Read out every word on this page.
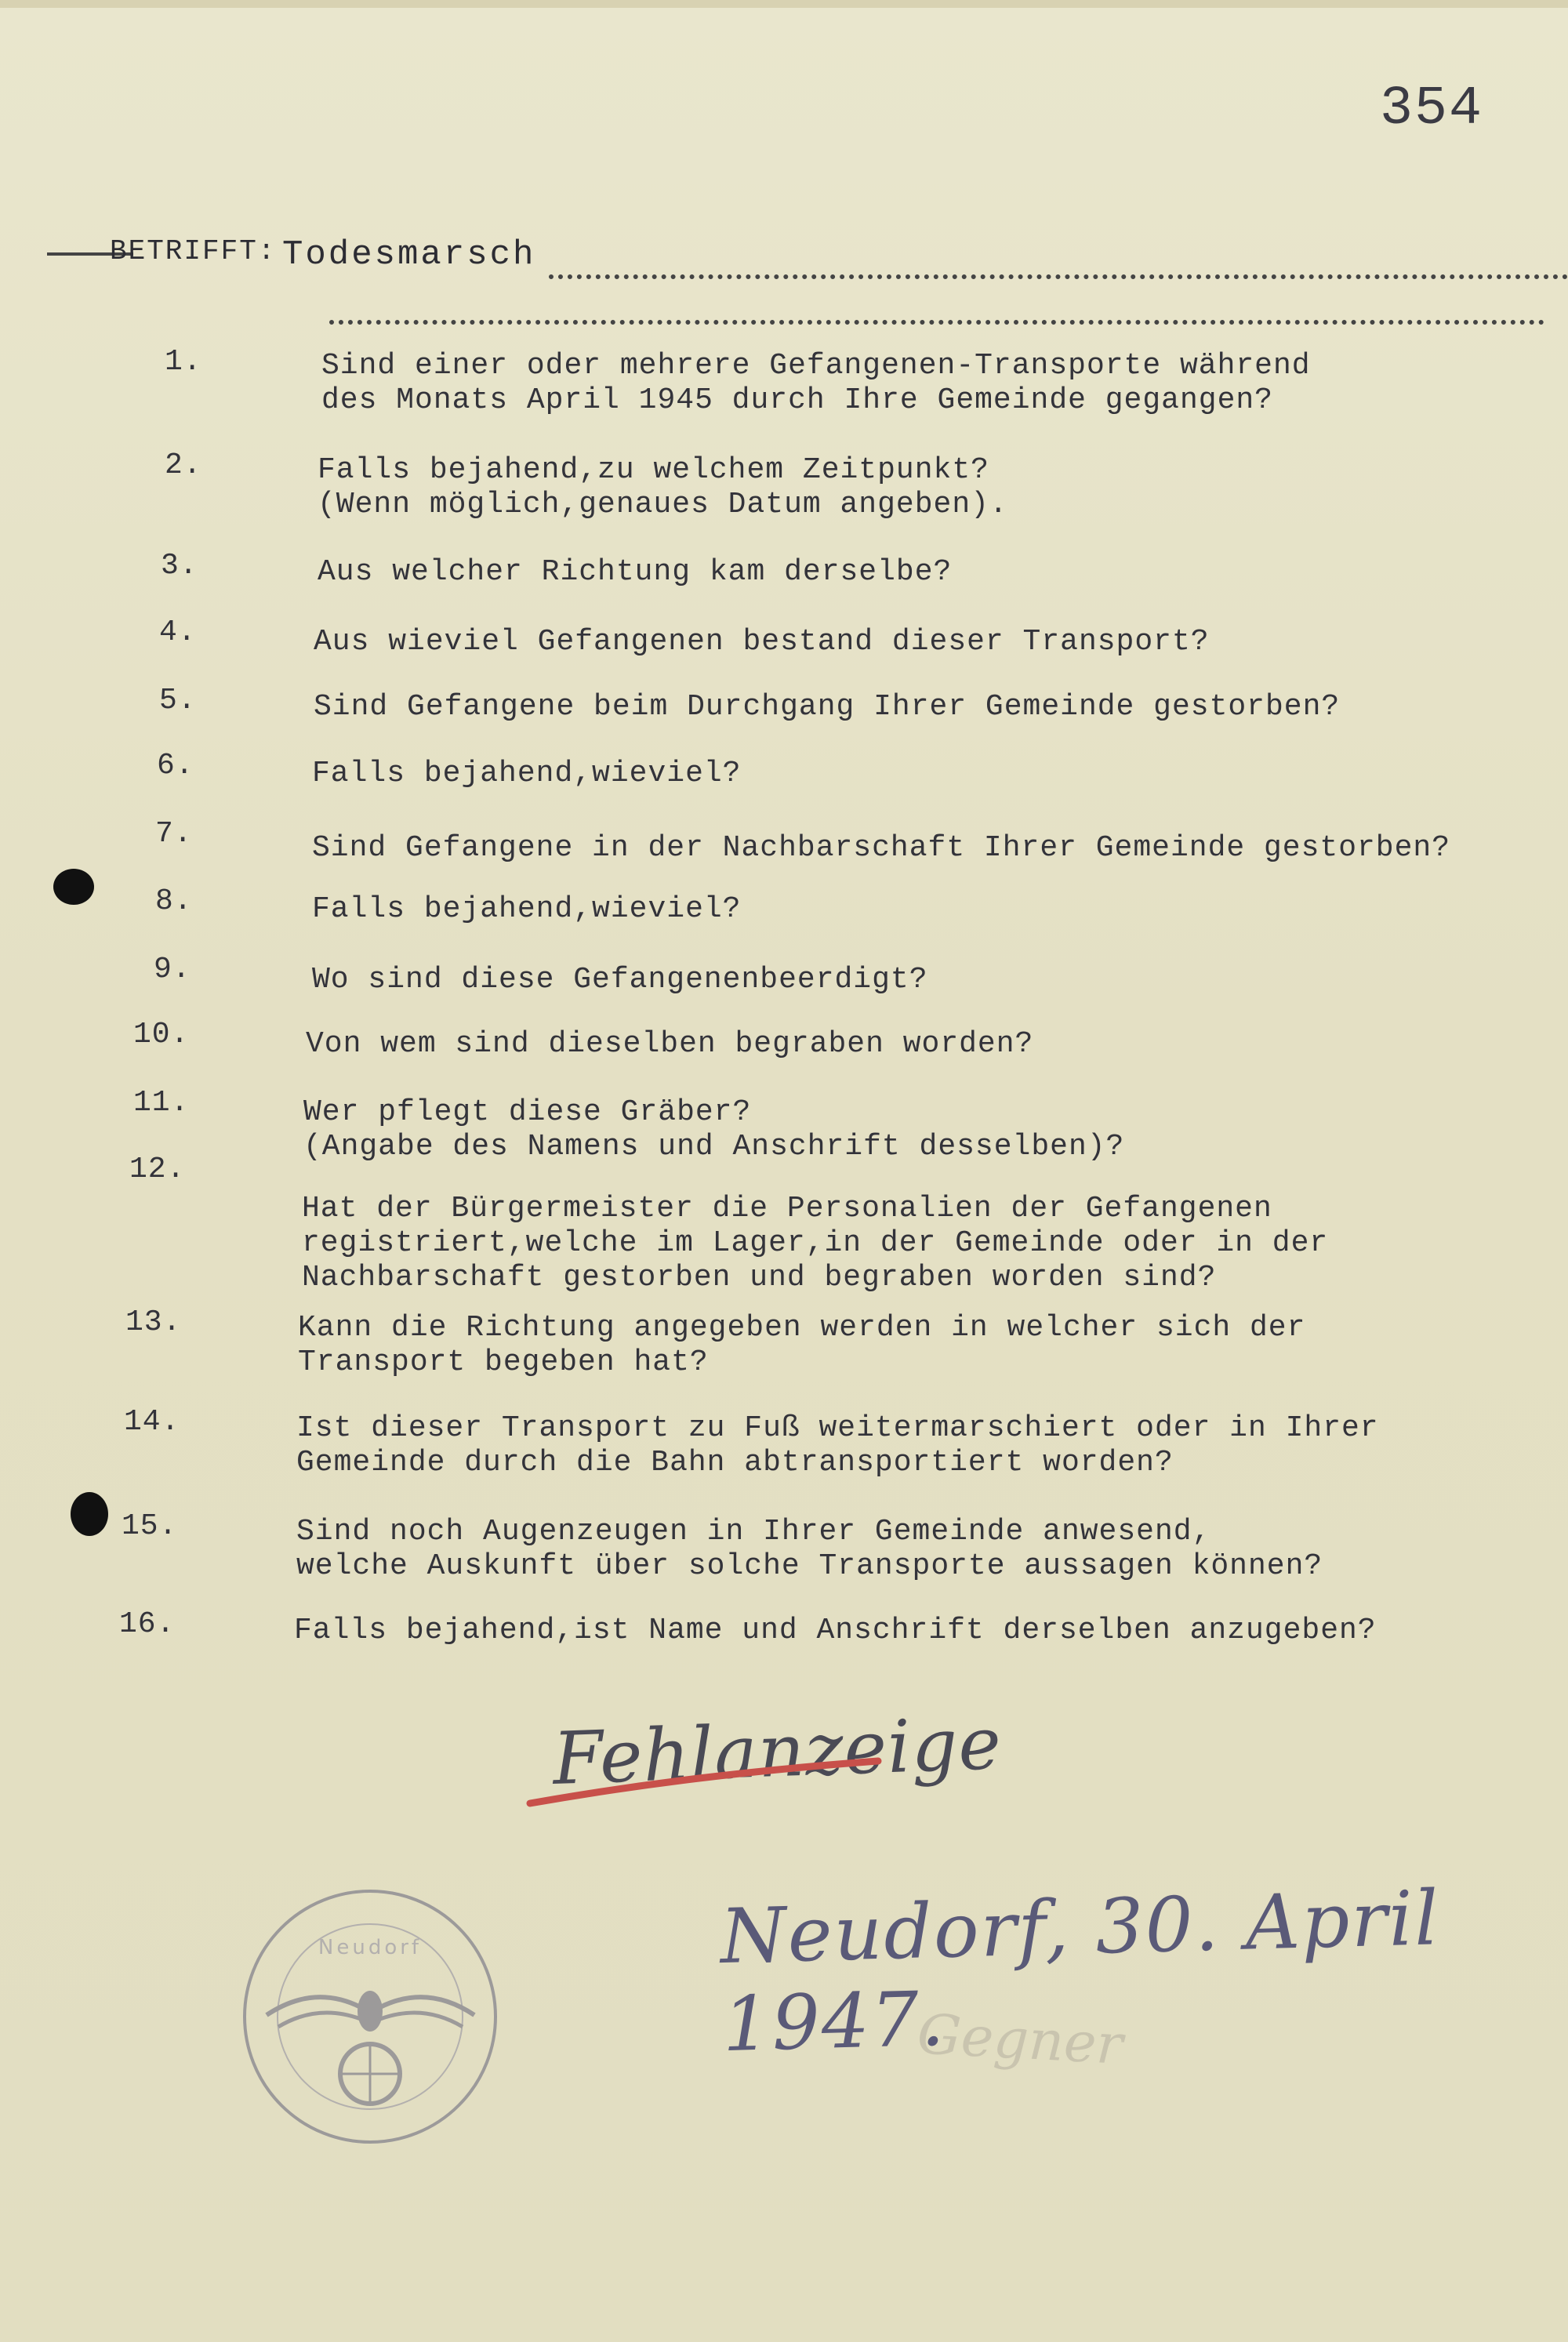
354
BETRIFFT: Todesmarsch
1.	Sind einer oder mehrere Gefangenen-Transporte während
des Monats April 1945 durch Ihre Gemeinde gegangen?
2.	Falls bejahend,zu welchem Zeitpunkt?
(Wenn möglich,genaues Datum angeben).
3.	Aus welcher Richtung kam derselbe?
4.	Aus wieviel Gefangenen bestand dieser Transport?
5.	Sind Gefangene beim Durchgang Ihrer Gemeinde gestorben?
6.	Falls bejahend,wieviel?
7.	Sind Gefangene in der Nachbarschaft Ihrer Gemeinde gestorben?
8.	Falls bejahend,wieviel?
9.	Wo sind diese Gefangenenbeerdigt?
10.	Von wem sind dieselben begraben worden?
11.	Wer pflegt diese Gräber?
(Angabe des Namens und Anschrift desselben)?
12.
Hat der Bürgermeister die Personalien der Gefangenen
registriert,welche im Lager,in der Gemeinde oder in der
Nachbarschaft gestorben und begraben worden sind?
13.	Kann die Richtung angegeben werden in welcher sich der
Transport begeben hat?
14.	Ist dieser Transport zu Fuß weitermarschiert oder in Ihrer
Gemeinde durch die Bahn abtransportiert worden?
15.	Sind noch Augenzeugen in Ihrer Gemeinde anwesend,
welche Auskunft über solche Transporte aussagen können?
16.	Falls bejahend,ist Name und Anschrift derselben anzugeben?
Fehlanzeige
Neudorf, 30. April 1947.
Gegner
Neudorf
